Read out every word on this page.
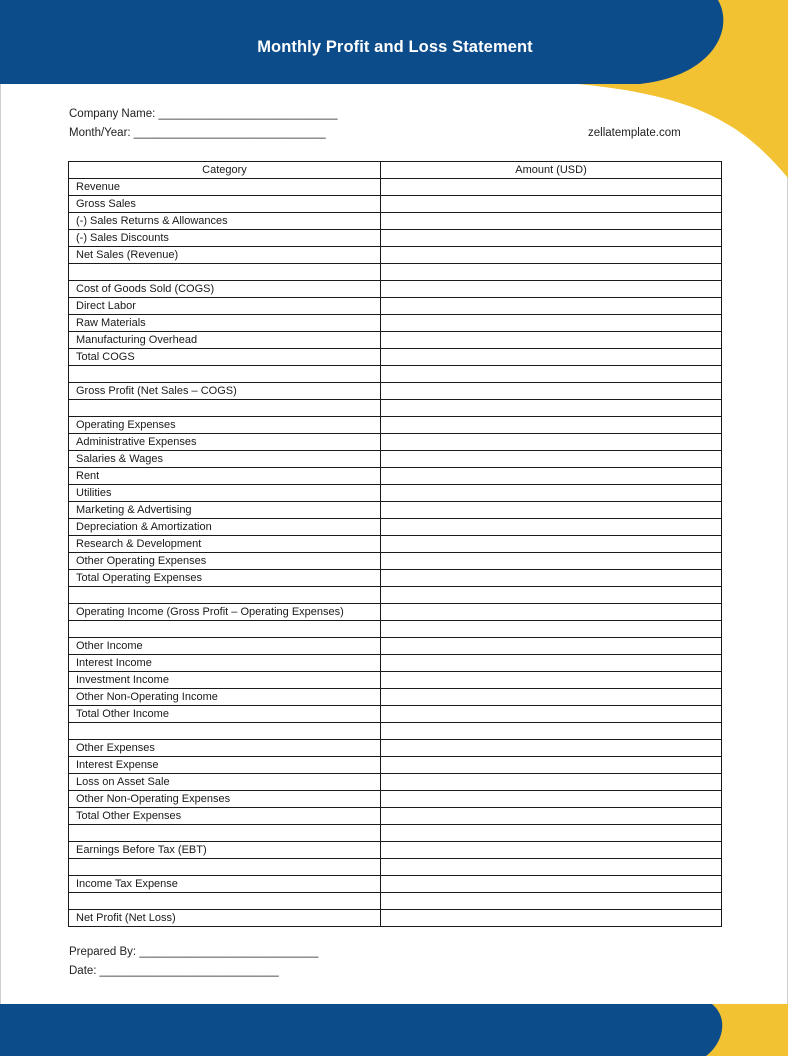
Monthly Profit and Loss Statement
Company Name: ____________________________
Month/Year: ______________________________	zellatemplate.com
Category	Amount (USD)
Revenue	
Gross Sales	
(-) Sales Returns & Allowances	
(-) Sales Discounts	
Net Sales (Revenue)	

Cost of Goods Sold (COGS)	
Direct Labor	
Raw Materials	
Manufacturing Overhead	
Total COGS	

Gross Profit (Net Sales – COGS)	

Operating Expenses	
Administrative Expenses	
Salaries & Wages	
Rent	
Utilities	
Marketing & Advertising	
Depreciation & Amortization	
Research & Development	
Other Operating Expenses	
Total Operating Expenses	

Operating Income (Gross Profit – Operating Expenses)	

Other Income	
Interest Income	
Investment Income	
Other Non-Operating Income	
Total Other Income	

Other Expenses	
Interest Expense	
Loss on Asset Sale	
Other Non-Operating Expenses	
Total Other Expenses	

Earnings Before Tax (EBT)	

Income Tax Expense	

Net Profit (Net Loss)	
Prepared By: ____________________________
Date: ____________________________
